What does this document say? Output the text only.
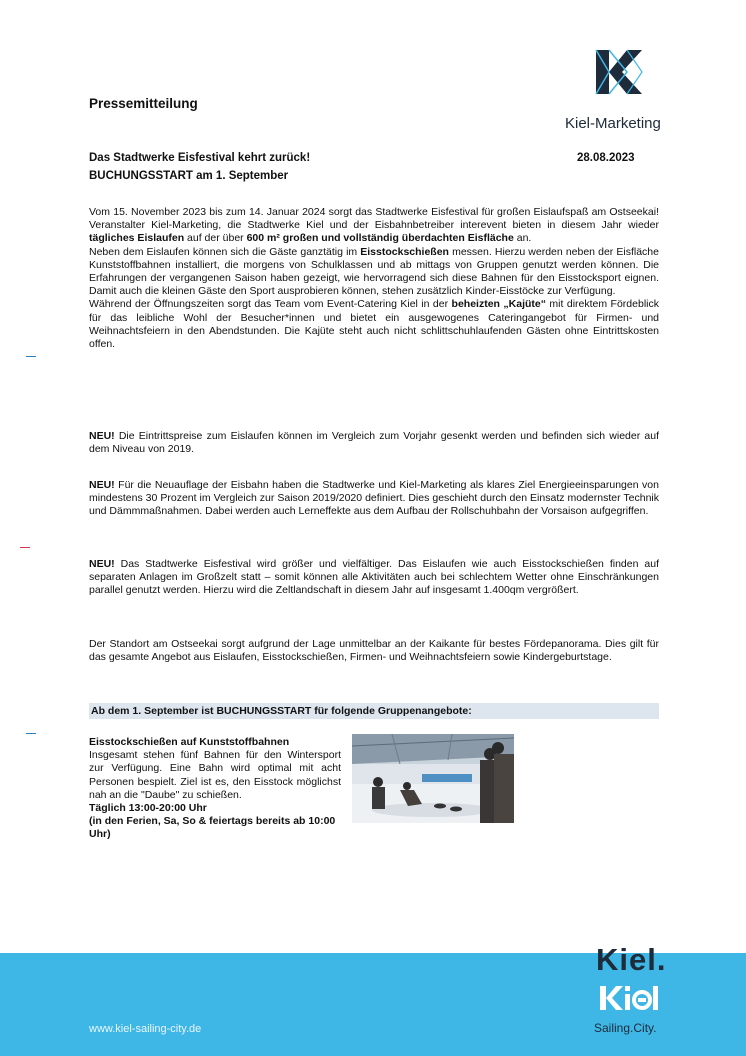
Pressemitteilung
Kiel-Marketing
Das Stadtwerke Eisfestival kehrt zurück!
BUCHUNGSSTART am 1. September
28.08.2023

Vom 15. November 2023 bis zum 14. Januar 2024 sorgt das Stadtwerke Eisfestival für großen Eislaufspaß am Ostseekai! Veranstalter Kiel-Marketing, die Stadtwerke Kiel und der Eisbahnbetreiber interevent bieten in diesem Jahr wieder tägliches Eislaufen auf der über 600 m² großen und vollständig überdachten Eisfläche an.

Neben dem Eislaufen können sich die Gäste ganztätig im Eisstockschießen messen. Hierzu werden neben der Eisfläche Kunststoffbahnen installiert, die morgens von Schulklassen und ab mittags von Gruppen genutzt werden können. Die Erfahrungen der vergangenen Saison haben gezeigt, wie hervorragend sich diese Bahnen für den Eisstocksport eignen. Damit auch die kleinen Gäste den Sport ausprobieren können, stehen zusätzlich Kinder-Eisstöcke zur Verfügung.

Während der Öffnungszeiten sorgt das Team vom Event-Catering Kiel in der beheizten „Kajüte“ mit direktem Fördeblick für das leibliche Wohl der Besucher*innen und bietet ein ausgewogenes Cateringangebot für Firmen- und Weihnachtsfeiern in den Abendstunden. Die Kajüte steht auch nicht schlittschuhlaufenden Gästen ohne Eintrittskosten offen.

NEU! Die Eintrittspreise zum Eislaufen können im Vergleich zum Vorjahr gesenkt werden und befinden sich wieder auf dem Niveau von 2019.

NEU! Für die Neuauflage der Eisbahn haben die Stadtwerke und Kiel-Marketing als klares Ziel Energieeinsparungen von mindestens 30 Prozent im Vergleich zur Saison 2019/2020 definiert. Dies geschieht durch den Einsatz modernster Technik und Dämmmaßnahmen. Dabei werden auch Lerneffekte aus dem Aufbau der Rollschuhbahn der Vorsaison aufgegriffen.

NEU! Das Stadtwerke Eisfestival wird größer und vielfältiger. Das Eislaufen wie auch Eisstockschießen finden auf separaten Anlagen im Großzelt statt – somit können alle Aktivitäten auch bei schlechtem Wetter ohne Einschränkungen parallel genutzt werden. Hierzu wird die Zeltlandschaft in diesem Jahr auf insgesamt 1.400qm vergrößert.

Der Standort am Ostseekai sorgt aufgrund der Lage unmittelbar an der Kaikante für bestes Fördepanorama. Dies gilt für das gesamte Angebot aus Eislaufen, Eisstockschießen, Firmen- und Weihnachtsfeiern sowie Kindergeburtstage.

Ab dem 1. September ist BUCHUNGSSTART für folgende Gruppenangebote:
Eisstockschießen auf Kunststoffbahnen

Insgesamt stehen fünf Bahnen für den Wintersport zur Verfügung. Eine Bahn wird optimal mit acht Personen bespielt. Ziel ist es, den Eisstock möglichst nah an die "Daube" zu schießen.

Täglich 13:00-20:00 Uhr
(in den Ferien, Sa, So & feiertags bereits ab 10:00 Uhr)
www.kiel-sailing-city.de
Kiel.
Sailing.City.
